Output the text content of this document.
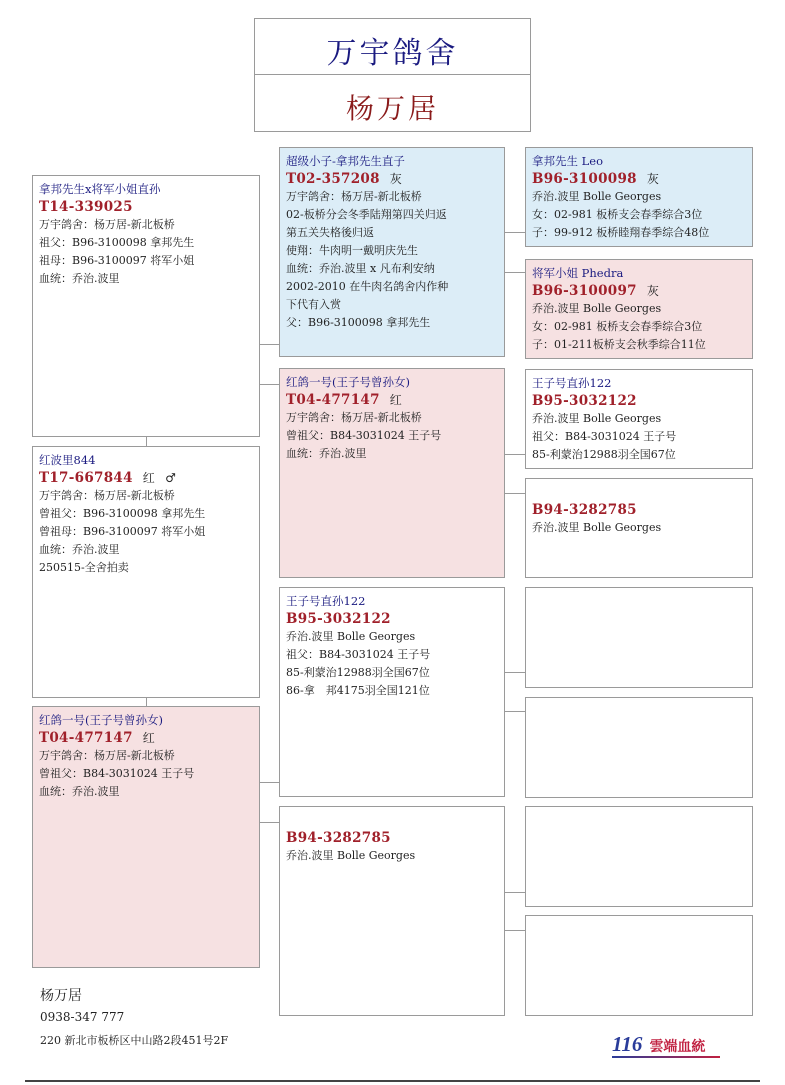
万宇鸽舍
杨万居
拿邦先生x将军小姐直孙
T14-339025
万宇鸽舍：杨万居-新北板桥
祖父：B96-3100098 拿邦先生
祖母：B96-3100097 将军小姐
血统：乔治.波里
红波里844
T17-667844 红 ♂
万宇鸽舍：杨万居-新北板桥
曾祖父：B96-3100098 拿邦先生
曾祖母：B96-3100097 将军小姐
血统：乔治.波里
250515-全舍拍卖
红鸽一号(王子号曾孙女)
T04-477147 红
万宇鸽舍：杨万居-新北板桥
曾祖父：B84-3031024 王子号
血统：乔治.波里
超级小子-拿邦先生直子
T02-357208 灰
万宇鸽舍：杨万居-新北板桥
02-板桥分会冬季陆翔第四关归返
第五关失格後归返
使翔：牛肉明一戴明庆先生
血统：乔治.波里 x 凡布利安纳
2002-2010 在牛肉名鸽舍内作种
下代有入赏
父：B96-3100098 拿邦先生
红鸽一号(王子号曾孙女)
T04-477147 红
万宇鸽舍：杨万居-新北板桥
曾祖父：B84-3031024 王子号
血统：乔治.波里
王子号直孙122
B95-3032122
乔治.波里 Bolle Georges
祖父：B84-3031024 王子号
85-利蒙治12988羽全国67位
86-拿　邦4175羽全国121位
B94-3282785
乔治.波里 Bolle Georges
拿邦先生 Leo
B96-3100098 灰
乔治.波里 Bolle Georges
女：02-981 板桥支会春季综合3位
子：99-912 板桥睦翔春季综合48位
将军小姐 Phedra
B96-3100097 灰
乔治.波里 Bolle Georges
女：02-981 板桥支会春季综合3位
子：01-211板桥支会秋季综合11位
王子号直孙122
B95-3032122
乔治.波里 Bolle Georges
祖父：B84-3031024 王子号
85-利蒙治12988羽全国67位
B94-3282785
乔治.波里 Bolle Georges
杨万居
0938-347 777
220 新北市板桥区中山路2段451号2F	116 雲端血統
